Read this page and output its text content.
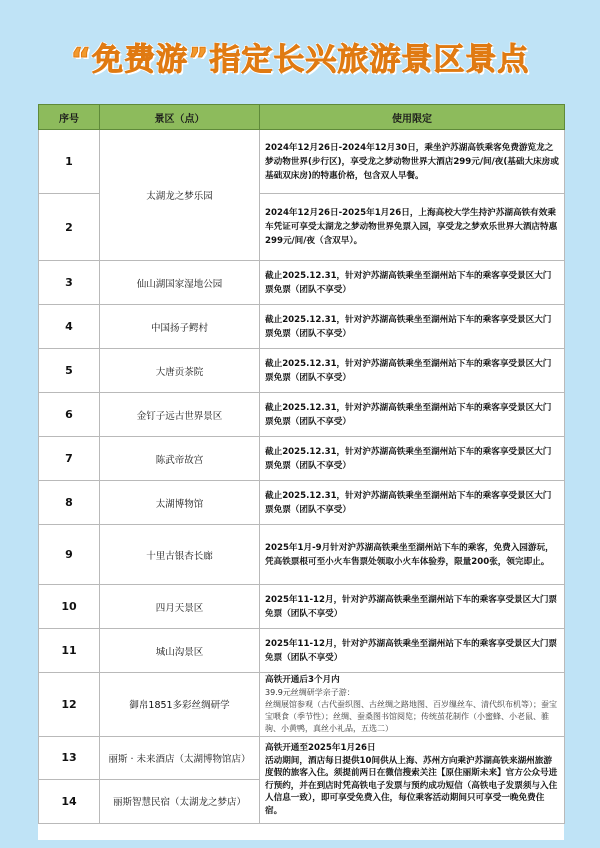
“免费游”指定长兴旅游景区景点
序号	景区（点）	使用限定
1	太湖龙之梦乐园	2024年12月26日-2024年12月30日，乘坐沪苏湖高铁乘客免费游览龙之梦动物世界(步行区)，享受龙之梦动物世界大酒店299元/间/夜(基础大床房或基础双床房)的特惠价格，包含双人早餐。
2		2024年12月26日-2025年1月26日，上海高校大学生持沪苏湖高铁有效乘车凭证可享受太湖龙之梦动物世界免票入园，享受龙之梦欢乐世界大酒店特惠299元/间/夜（含双早）。
3	仙山湖国家湿地公园	截止2025.12.31，针对沪苏湖高铁乘坐至湖州站下车的乘客享受景区大门票免票（团队不享受）
4	中国扬子鳄村	截止2025.12.31，针对沪苏湖高铁乘坐至湖州站下车的乘客享受景区大门票免票（团队不享受）
5	大唐贡茶院	截止2025.12.31，针对沪苏湖高铁乘坐至湖州站下车的乘客享受景区大门票免票（团队不享受）
6	金钉子远古世界景区	截止2025.12.31，针对沪苏湖高铁乘坐至湖州站下车的乘客享受景区大门票免票（团队不享受）
7	陈武帝故宫	截止2025.12.31，针对沪苏湖高铁乘坐至湖州站下车的乘客享受景区大门票免票（团队不享受）
8	太湖博物馆	截止2025.12.31，针对沪苏湖高铁乘坐至湖州站下车的乘客享受景区大门票免票（团队不享受）
9	十里古银杏长廊	2025年1月-9月针对沪苏湖高铁乘坐至湖州站下车的乘客，免费入园游玩，凭高铁票根可至小火车售票处领取小火车体验券，限量200张，领完即止。
10	四月天景区	2025年11-12月，针对沪苏湖高铁乘坐至湖州站下车的乘客享受景区大门票免票（团队不享受）
11	城山沟景区	2025年11-12月，针对沪苏湖高铁乘坐至湖州站下车的乘客享受景区大门票免票（团队不享受）
12	御帛1851多彩丝绸研学	高铁开通后3个月内
39.9元丝绸研学亲子游：
丝绸展馆参观（古代蚕织图、古丝绸之路地图、百岁缫丝车、清代织布机等）；蚕宝宝喂食（季节性）；丝绸、蚕桑图书馆阅览；传统茧花制作（小蜜蜂、小老鼠、骓驹、小黄鸭，真丝小礼品，五选二）

13	丽斯 · 未来酒店（太湖博物馆店）	高铁开通至2025年1月26日
活动期间，酒店每日提供10间供从上海、苏州方向乘沪苏湖高铁来湖州旅游度假的旅客入住。须提前两日在微信搜索关注【原住丽斯未来】官方公众号进行预约，并在到店时凭高铁电子发票与预约成功短信（高铁电子发票须与入住人信息一致），即可享受免费入住，每位乘客活动期间只可享受一晚免费住宿。
14	丽斯智慧民宿（太湖龙之梦店）	
